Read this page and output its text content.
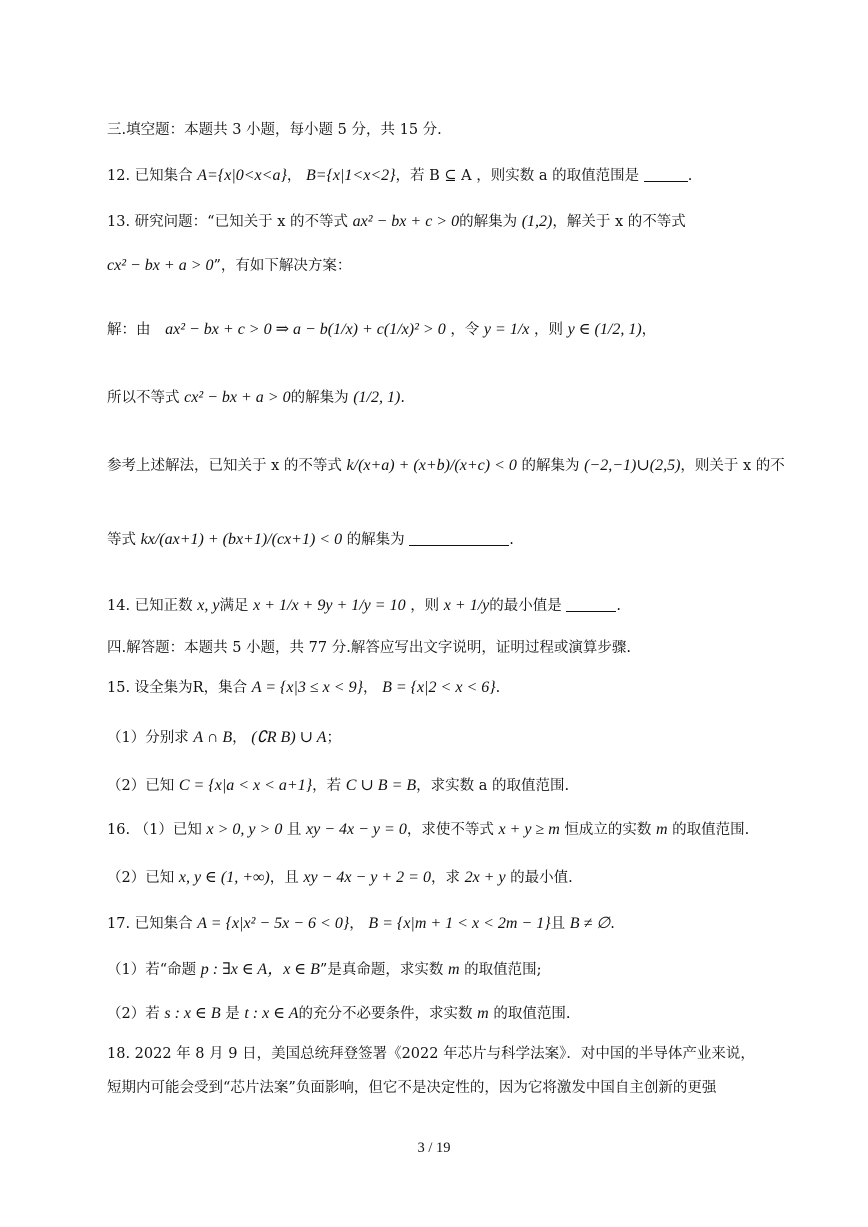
三.填空题：本题共 3 小题，每小题 5 分，共 15 分.
12. 已知集合 A={x|0<x<a}， B={x|1<x<2}，若 B ⊆ A ，则实数 a 的取值范围是	.
13. 研究问题：“已知关于 x 的不等式 ax² − bx + c > 0的解集为 (1,2)，解关于 x 的不等式
cx² − bx + a > 0”，有如下解决方案：
解：由 ax² − bx + c > 0 ⇒ a − b(1/x) + c(1/x)² > 0 ，令 y = 1/x ，则 y ∈ (1/2, 1)，
所以不等式 cx² − bx + a > 0的解集为 (1/2, 1).
参考上述解法，已知关于 x 的不等式 k/(x+a) + (x+b)/(x+c) < 0 的解集为 (−2,−1)∪(2,5)，则关于 x 的不
等式 kx/(ax+1) + (bx+1)/(cx+1) < 0 的解集为	.
14. 已知正数 x, y满足 x + 1/x + 9y + 1/y = 10 ，则 x + 1/y的最小值是	.
四.解答题：本题共 5 小题，共 77 分.解答应写出文字说明，证明过程或演算步骤.
15. 设全集为R，集合 A = {x|3 ≤ x < 9}， B = {x|2 < x < 6}.
（1）分别求 A ∩ B， (∁R B) ∪ A；
（2）已知 C = {x|a < x < a+1}，若 C ∪ B = B，求实数 a 的取值范围.
16. （1）已知 x > 0, y > 0 且 xy − 4x − y = 0，求使不等式 x + y ≥ m 恒成立的实数 m 的取值范围.
（2）已知 x, y ∈ (1, +∞)，且 xy − 4x − y + 2 = 0，求 2x + y 的最小值.
17. 已知集合 A = {x|x² − 5x − 6 < 0}， B = {x|m + 1 < x < 2m − 1}且 B ≠ ∅.
（1）若“命题 p : ∃x ∈ A，x ∈ B”是真命题，求实数 m 的取值范围;
（2）若 s : x ∈ B 是 t : x ∈ A的充分不必要条件，求实数 m 的取值范围.
18. 2022 年 8 月 9 日，美国总统拜登签署《2022 年芯片与科学法案》．对中国的半导体产业来说，
短期内可能会受到“芯片法案”负面影响，但它不是决定性的，因为它将激发中国自主创新的更强
3 / 19
